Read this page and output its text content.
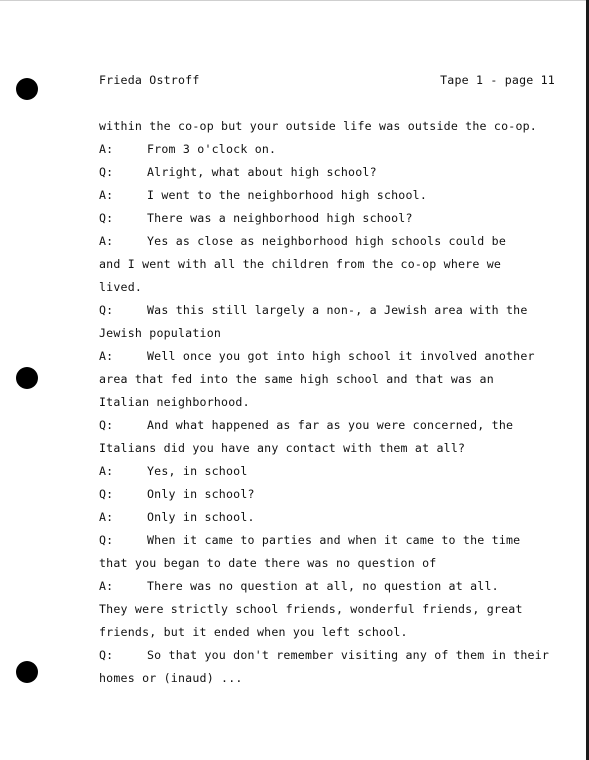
Frieda Ostroff	Tape 1 - page 11
within the co-op but your outside life was outside the co-op.
A:	From 3 o'clock on.
Q:	Alright, what about high school?
A:	I went to the neighborhood high school.
Q:	There was a neighborhood high school?
A:	Yes as close as neighborhood high schools could be
and I went with all the children from the co-op where we
lived.
Q:	Was this still largely a non-, a Jewish area with the
Jewish population
A:	Well once you got into high school it involved another
area that fed into the same high school and that was an
Italian neighborhood.
Q:	And what happened as far as you were concerned, the
Italians did you have any contact with them at all?
A:	Yes, in school
Q:	Only in school?
A:	Only in school.
Q:	When it came to parties and when it came to the time
that you began to date there was no question of
A:	There was no question at all, no question at all.
They were strictly school friends, wonderful friends, great
friends, but it ended when you left school.
Q:	So that you don't remember visiting any of them in their
homes or (inaud) ...
